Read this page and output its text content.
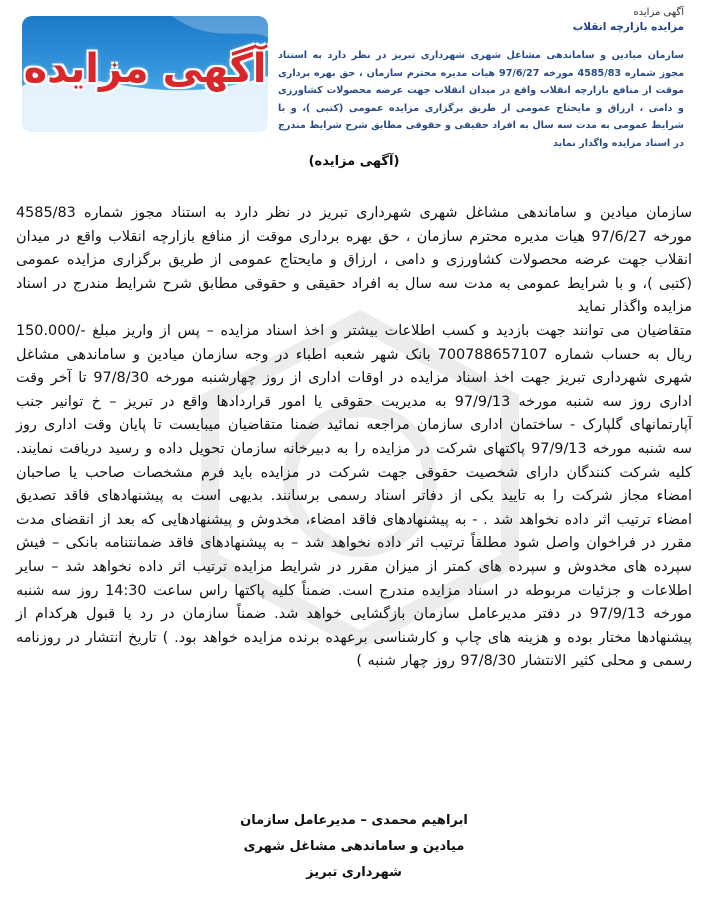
آگهی مزایده
مزایده بازارچه انقلاب
سازمان میادین و ساماندهی مشاغل شهری شهرداری تبریز در نظر دارد به استناد مجوز شماره 4585/83 مورخه 97/6/27 هیات مدیره محترم سازمان ، حق بهره برداری موقت از منافع بازارچه انقلاب واقع در میدان انقلاب جهت عرضه محصولات کشاورزی و دامی ، ارزاق و مایحتاج عمومی از طریق برگزاری مزایده عمومی (کتبی )، و با شرایط عمومی به مدت سه سال به افراد حقیقی و حقوقی مطابق شرح شرایط مندرج در اسناد مزایده واگذار نماید
آگهی مزایده
(آگهی مزایده)

سازمان میادین و ساماندهی مشاغل شهری شهرداری تبریز در نظر دارد به استناد مجوز شماره 4585/83 مورخه 97/6/27 هیات مدیره محترم سازمان ، حق بهره برداری موقت از منافع بازارچه انقلاب واقع در میدان انقلاب جهت عرضه محصولات کشاورزی و دامی ، ارزاق و مایحتاج عمومی از طریق برگزاری مزایده عمومی (کتبی )، و با شرایط عمومی به مدت سه سال به افراد حقیقی و حقوقی مطابق شرح شرایط مندرج در اسناد مزایده واگذار نماید

متقاضیان می توانند جهت بازدید و کسب اطلاعات بیشتر و اخذ اسناد مزایده – پس از واریز مبلغ -/150.000 ریال به حساب شماره 700788657107 بانک شهر شعبه اطباء در وجه سازمان میادین و ساماندهی مشاغل شهری شهرداری تبریز جهت اخذ اسناد مزایده در اوقات اداری از روز چهارشنبه مورخه 97/8/30 تا آخر وقت اداری روز سه شنبه مورخه 97/9/13 به مدیریت حقوقی یا امور قراردادها واقع در تبریز – خ توانیر جنب آپارتمانهای گلپارک - ساختمان اداری سازمان مراجعه نمائید ضمنا متقاضیان میبایست تا پایان وقت اداری روز سه شنبه مورخه 97/9/13 پاکتهای شرکت در مزایده را به دبیرخانه سازمان تحویل داده و رسید دریافت نمایند. کلیه شرکت کنندگان دارای شخصیت حقوقی جهت شرکت در مزایده باید فرم مشخصات صاحب یا صاحبان امضاء مجاز شرکت را به تایید یکی از دفاتر اسناد رسمی برسانند. بدیهی است به پیشنهادهای فاقد تصدیق امضاء ترتیب اثر داده نخواهد شد . - به پیشنهادهای فاقد امضاء، مخدوش و پیشنهادهایی که بعد از انقضای مدت مقرر در فراخوان واصل شود مطلقاً ترتیب اثر داده نخواهد شد – به پیشنهادهای فاقد ضمانتنامه بانکی – فیش سپرده های مخدوش و سپرده های کمتر از میزان مقرر در شرایط مزایده ترتیب اثر داده نخواهد شد – سایر اطلاعات و جزئیات مربوطه در اسناد مزایده مندرج است. ضمناً کلیه پاکتها راس ساعت 14:30 روز سه شنبه مورخه 97/9/13 در دفتر مدیرعامل سازمان بازگشایی خواهد شد. ضمناً سازمان در رد یا قبول هرکدام از پیشنهادها مختار بوده و هزینه های چاپ و کارشناسی برعهده برنده مزایده خواهد بود. ) تاریخ انتشار در روزنامه رسمی و محلی کثیر الانتشار 97/8/30 روز چهار شنبه )

ابراهیم محمدی – مدیرعامل سازمان
میادین و ساماندهی مشاغل شهری
شهرداری تبریز
